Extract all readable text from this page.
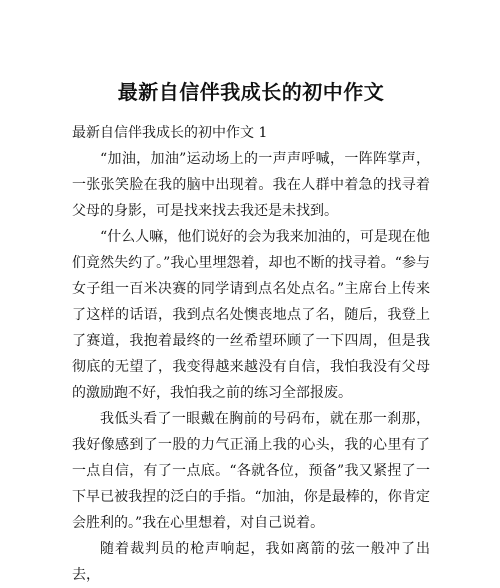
最新自信伴我成长的初中作文

最新自信伴我成长的初中作文 1

“加油，加油”运动场上的一声声呼喊，一阵阵掌声，一张张笑脸在我的脑中出现着。我在人群中着急的找寻着父母的身影，可是找来找去我还是未找到。

“什么人嘛，他们说好的会为我来加油的，可是现在他们竟然失约了。”我心里埋怨着，却也不断的找寻着。“参与女子组一百米决赛的同学请到点名处点名。”主席台上传来了这样的话语，我到点名处懊丧地点了名，随后，我登上了赛道，我抱着最终的一丝希望环顾了一下四周，但是我彻底的无望了，我变得越来越没有自信，我怕我没有父母的激励跑不好，我怕我之前的练习全部报废。

我低头看了一眼戴在胸前的号码布，就在那一刹那，我好像感到了一股的力气正涌上我的心头，我的心里有了一点自信，有了一点底。“各就各位，预备”我又紧捏了一下早已被我捏的泛白的手指。“加油，你是最棒的，你肯定会胜利的。”我在心里想着，对自己说着。

随着裁判员的枪声响起，我如离箭的弦一般冲了出去，
